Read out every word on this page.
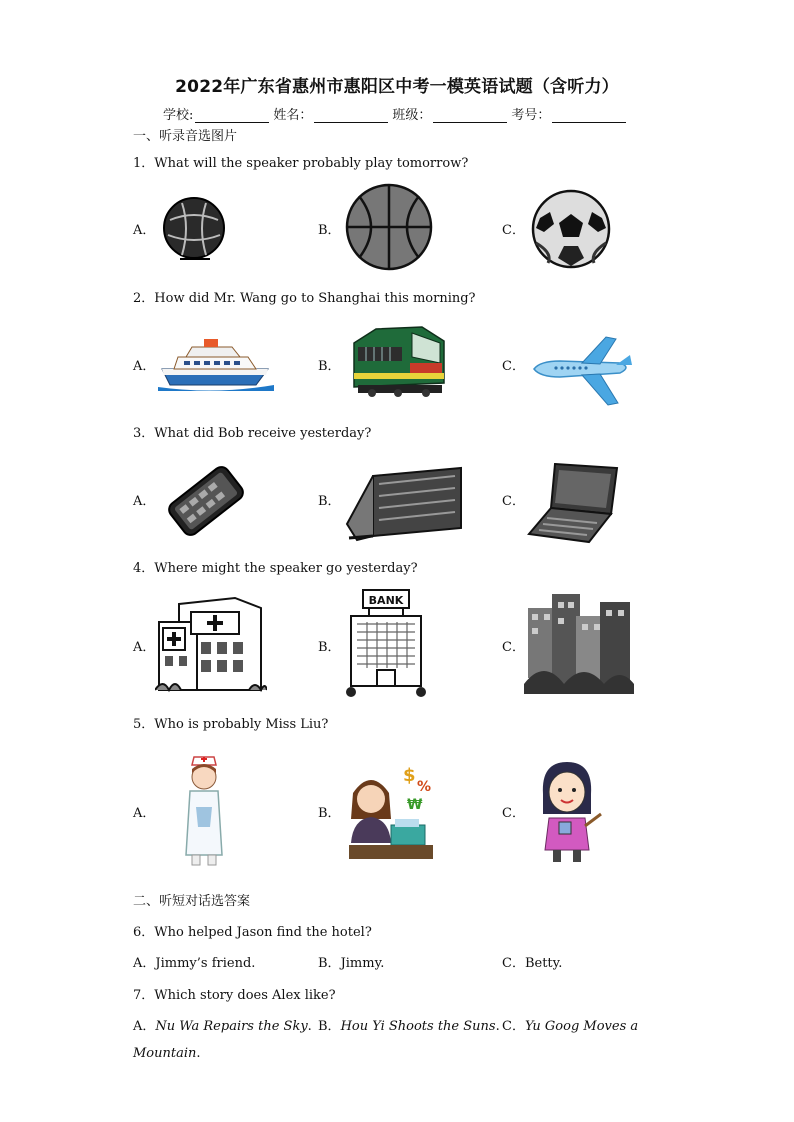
2022年广东省惠州市惠阳区中考一模英语试题（含听力）
学校:	姓名：	班级：	考号：
一、听录音选图片
1．What will the speaker probably play tomorrow?
A．	B．	C．
2．How did Mr. Wang go to Shanghai this morning?
A．	B．	C．
3．What did Bob receive yesterday?
A．	B．	C．
4．Where might the speaker go yesterday?
A．	B．	C．
BANK
5．Who is probably Miss Liu?
A．	B．	C．
$
%
₩
二、听短对话选答案
6．Who helped Jason find the hotel?
A．Jimmy’s friend.	B．Jimmy.	C．Betty.
7．Which story does Alex like?
A．Nu Wa Repairs the Sky. B．Hou Yi Shoots the Suns. C．Yu Goog Moves a
Mountain.
